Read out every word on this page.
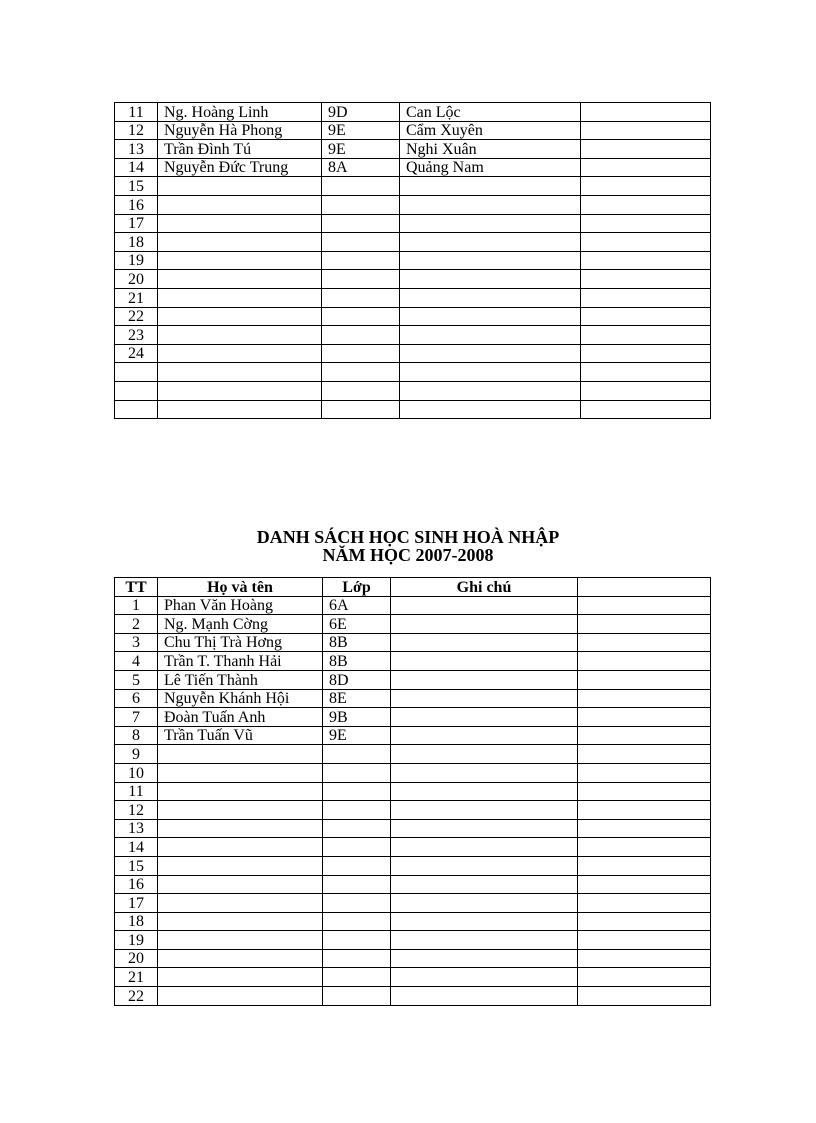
11	Ng. Hoàng Linh	9D	Can Lộc	
12	Nguyễn Hà Phong	9E	Cẩm Xuyên	
13	Trần Đình Tú	9E	Nghi Xuân	
14	Nguyễn Đức Trung	8A	Quảng Nam	
15				
16				
17				
18				
19				
20				
21				
22				
23				
24				

DANH SÁCH HỌC SINH HOÀ NHẬP
NĂM HỌC 2007-2008
TT	Họ và tên	Lớp	Ghi chú	
1	Phan Văn Hoàng	6A		
2	Ng. Mạnh Cờng	6E		
3	Chu Thị Trà Hơng	8B		
4	Trần T. Thanh Hải	8B		
5	Lê Tiến Thành	8D		
6	Nguyễn Khánh Hội	8E		
7	Đoàn Tuấn Anh	9B		
8	Trần Tuấn Vũ	9E		
9				
10				
11				
12				
13				
14				
15				
16				
17				
18				
19				
20				
21				
22				
